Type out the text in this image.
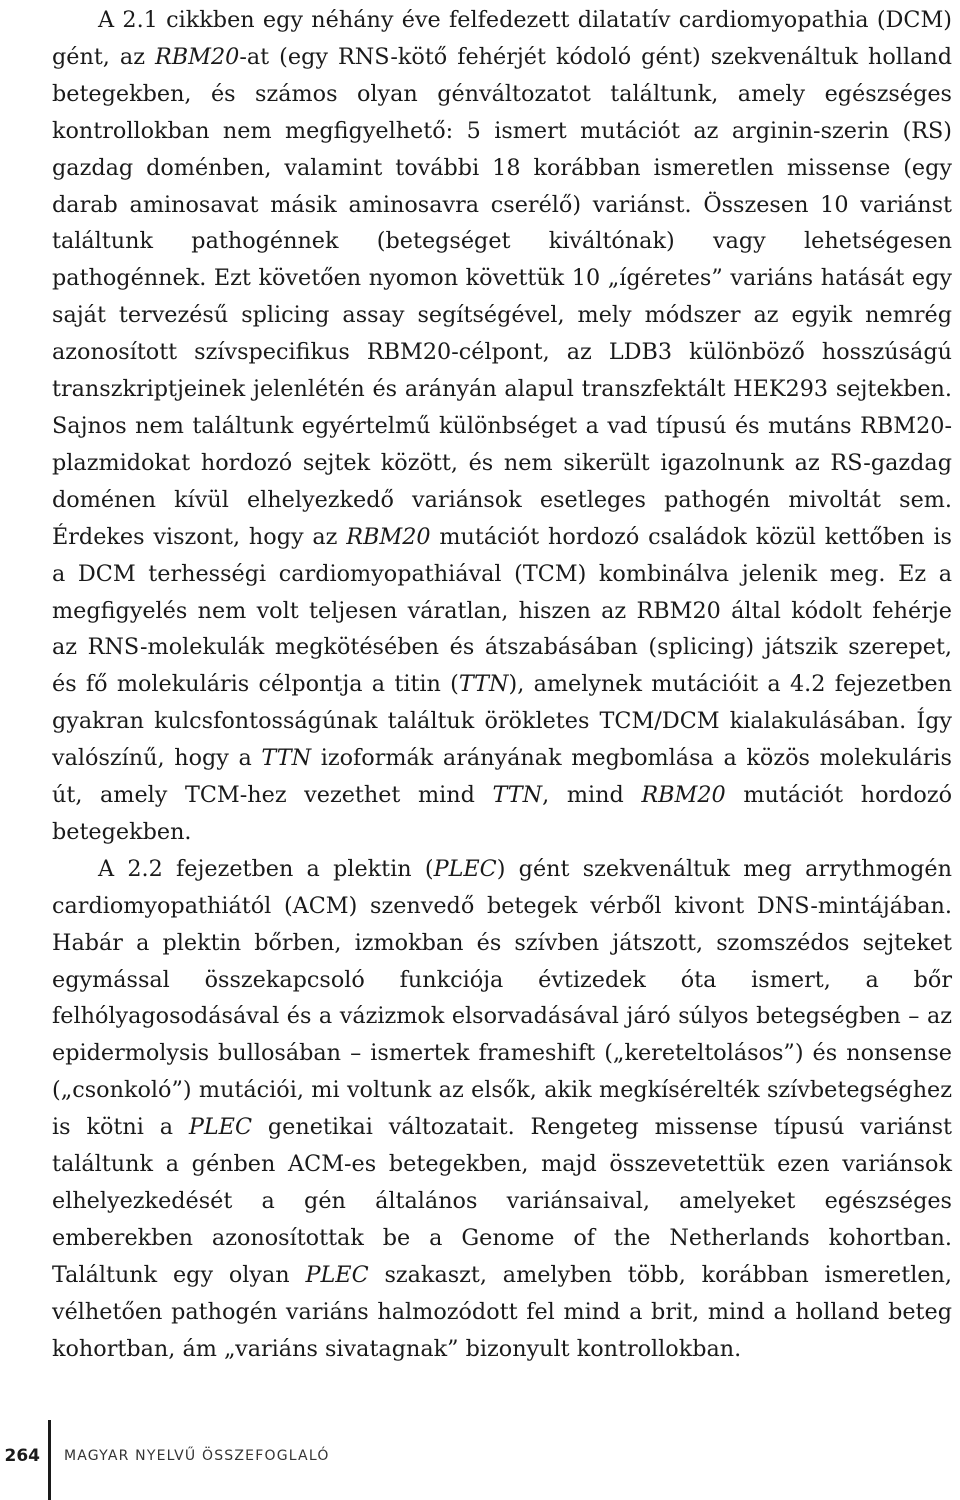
A 2.1 cikkben egy néhány éve felfedezett dilatatív cardiomyopathia (DCM) gént, az RBM20-at (egy RNS-kötő fehérjét kódoló gént) szekvenáltuk holland betegekben, és számos olyan génváltozatot találtunk, amely egészséges kontrollokban nem megfigyelhető: 5 ismert mutációt az arginin-szerin (RS) gazdag doménben, valamint további 18 korábban ismeretlen missense (egy darab aminosavat másik aminosavra cserélő) variánst. Összesen 10 variánst találtunk pathogénnek (betegséget kiváltónak) vagy lehetségesen pathogénnek. Ezt követően nyomon követtük 10 „ígéretes” variáns hatását egy saját tervezésű splicing assay segítségével, mely módszer az egyik nemrég azonosított szívspecifikus RBM20-célpont, az LDB3 különböző hosszúságú transzkriptjeinek jelenlétén és arányán alapul transzfektált HEK293 sejtekben. Sajnos nem találtunk egyértelmű különbséget a vad típusú és mutáns RBM20-plazmidokat hordozó sejtek között, és nem sikerült igazolnunk az RS-gazdag doménen kívül elhelyezkedő variánsok esetleges pathogén mivoltát sem. Érdekes viszont, hogy az RBM20 mutációt hordozó családok közül kettőben is a DCM terhességi cardiomyopathiával (TCM) kombinálva jelenik meg. Ez a megfigyelés nem volt teljesen váratlan, hiszen az RBM20 által kódolt fehérje az RNS-molekulák megkötésében és átszabásában (splicing) játszik szerepet, és fő molekuláris célpontja a titin (TTN), amelynek mutációit a 4.2 fejezetben gyakran kulcsfontosságúnak találtuk örökletes TCM/DCM kialakulásában. Így valószínű, hogy a TTN izoformák arányának megbomlása a közös molekuláris út, amely TCM-hez vezethet mind TTN, mind RBM20 mutációt hordozó betegekben.

A 2.2 fejezetben a plektin (PLEC) gént szekvenáltuk meg arrythmogén cardiomyopathiától (ACM) szenvedő betegek vérből kivont DNS-mintájában. Habár a plektin bőrben, izmokban és szívben játszott, szomszédos sejteket egymással összekapcsoló funkciója évtizedek óta ismert, a bőr felhólyagosodásával és a vázizmok elsorvadásával járó súlyos betegségben – az epidermolysis bullosában – ismertek frameshift („kereteltolásos”) és nonsense („csonkoló”) mutációi, mi voltunk az elsők, akik megkísérelték szívbetegséghez is kötni a PLEC genetikai változatait. Rengeteg missense típusú variánst találtunk a génben ACM-es betegekben, majd összevetettük ezen variánsok elhelyezkedését a gén általános variánsaival, amelyeket egészséges emberekben azonosítottak be a Genome of the Netherlands kohortban. Találtunk egy olyan PLEC szakaszt, amelyben több, korábban ismeretlen, vélhetően pathogén variáns halmozódott fel mind a brit, mind a holland beteg kohortban, ám „variáns sivatagnak” bizonyult kontrollokban.

264 MAGYAR NYELVŰ ÖSSZEFOGLALÓ
